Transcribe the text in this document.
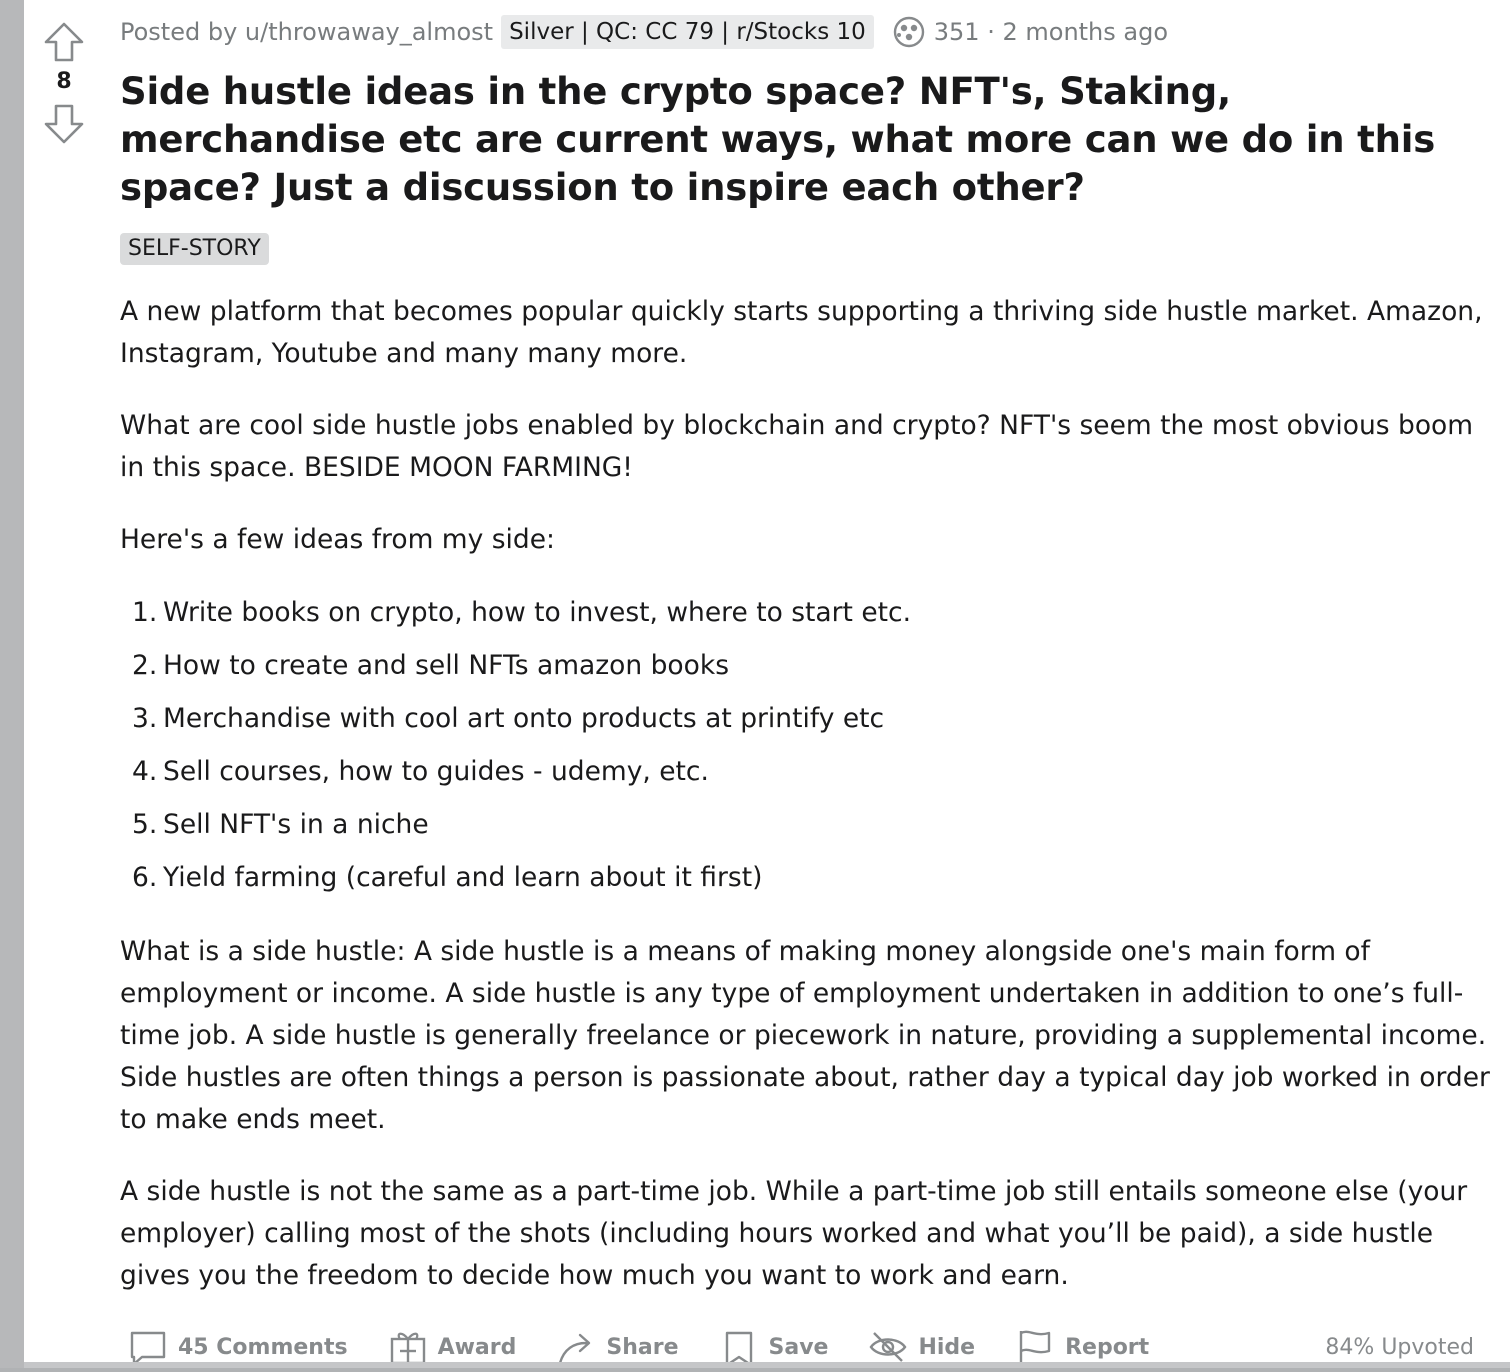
8
Posted by u/throwaway_almost Silver | QC: CC 79 | r/Stocks 10	351
· 2 months ago
Side hustle ideas in the crypto space? NFT's, Staking, merchandise etc are current ways, what more can we do in this space? Just a discussion to inspire each other?
SELF-STORY

A new platform that becomes popular quickly starts supporting a thriving side hustle market. Amazon, Instagram, Youtube and many many more.

What are cool side hustle jobs enabled by blockchain and crypto? NFT's seem the most obvious boom in this space. BESIDE MOON FARMING!

Here's a few ideas from my side:

1. Write books on crypto, how to invest, where to start etc.
2. How to create and sell NFTs amazon books
3. Merchandise with cool art onto products at printify etc
4. Sell courses, how to guides - udemy, etc.
5. Sell NFT's in a niche
6. Yield farming (careful and learn about it first)

What is a side hustle: A side hustle is a means of making money alongside one's main form of employment or income. A side hustle is any type of employment undertaken in addition to one’s full-time job. A side hustle is generally freelance or piecework in nature, providing a supplemental income. Side hustles are often things a person is passionate about, rather day a typical day job worked in order to make ends meet.

A side hustle is not the same as a part-time job. While a part-time job still entails someone else (your employer) calling most of the shots (including hours worked and what you’ll be paid), a side hustle gives you the freedom to decide how much you want to work and earn.

45 Comments	Award	Share	Save	Hide	Report	84% Upvoted
